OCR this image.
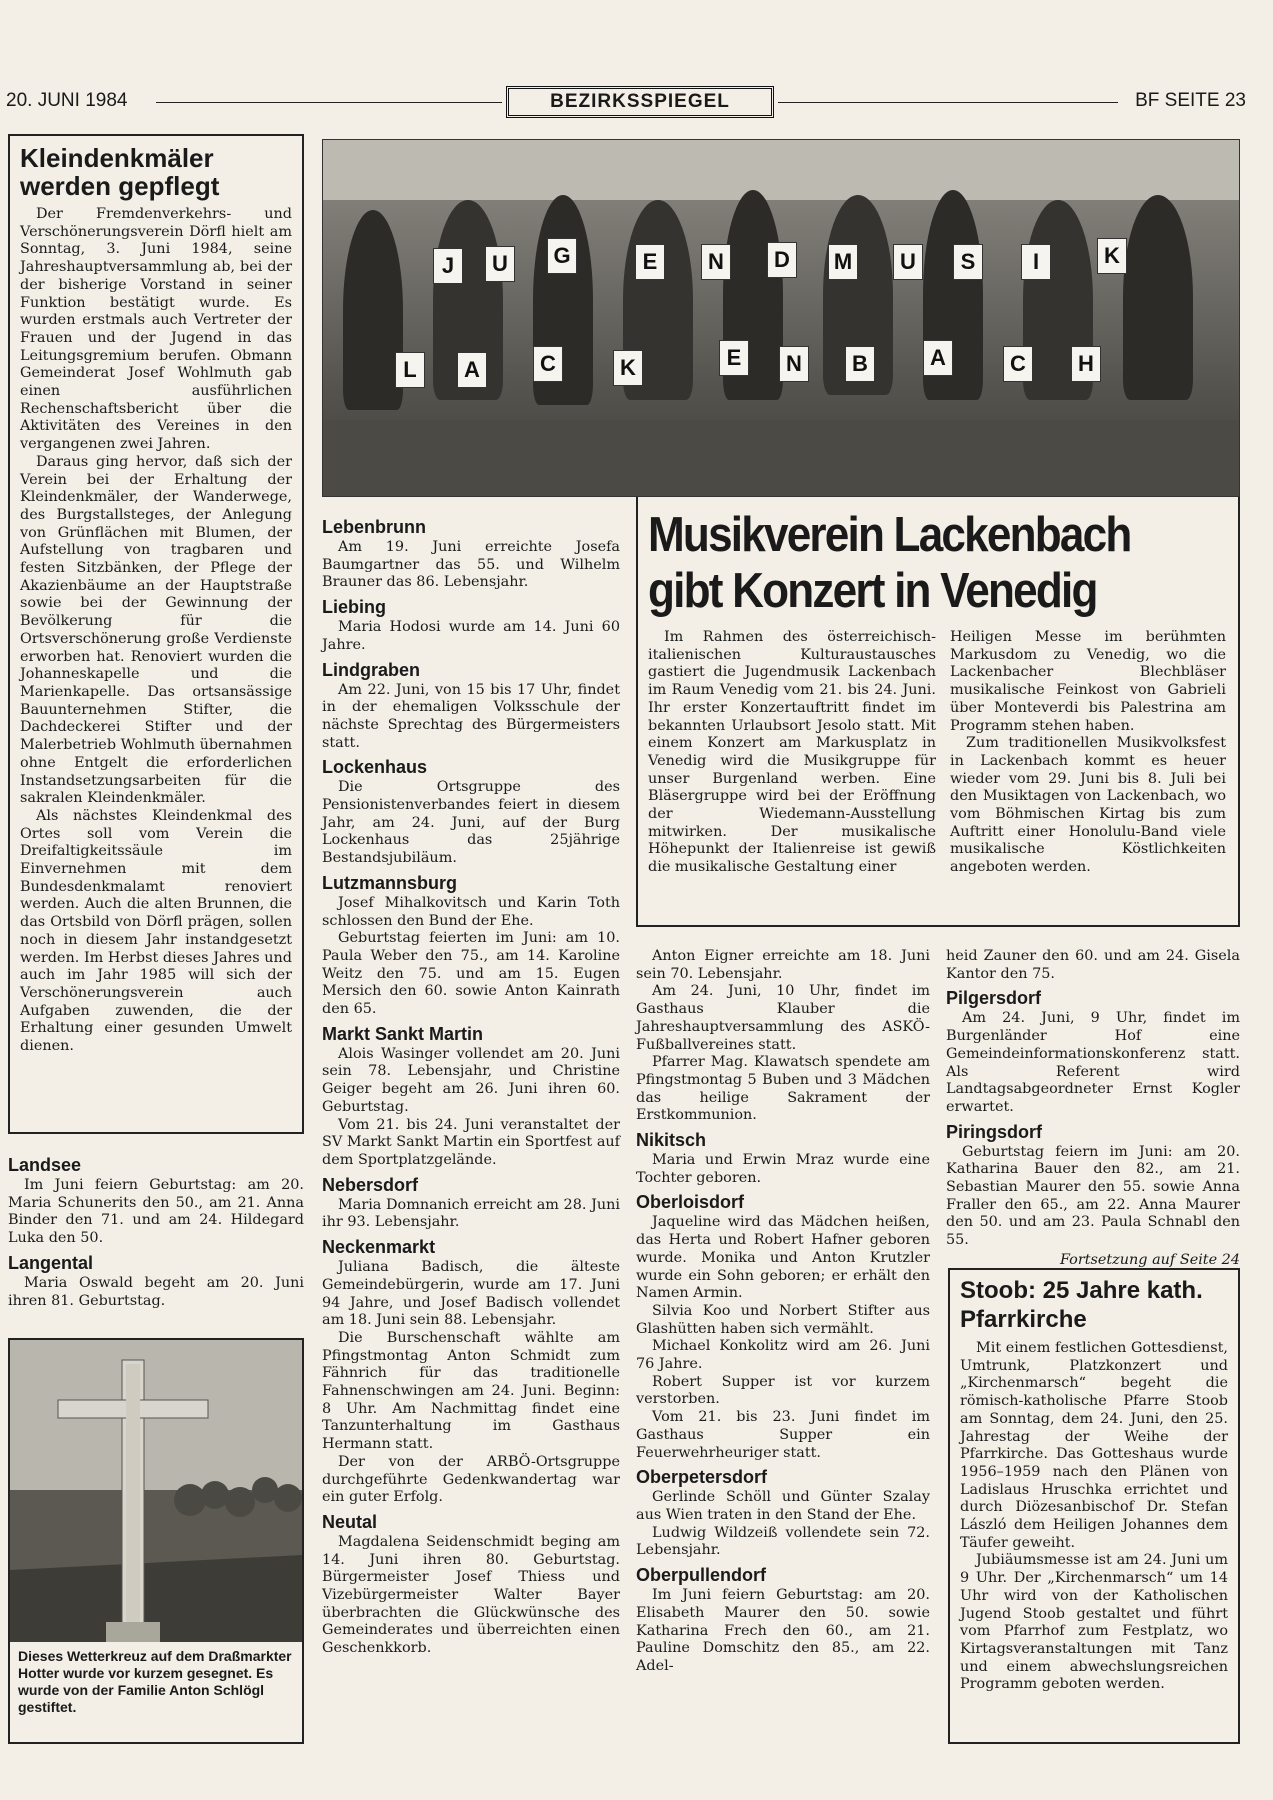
20. JUNI 1984	BEZIRKSSPIEGEL	BF SEITE 23
Kleindenkmäler werden gepflegt

Der Fremdenverkehrs- und Verschönerungsverein Dörfl hielt am Sonntag, 3. Juni 1984, seine Jahreshauptversammlung ab, bei der der bisherige Vorstand in seiner Funktion bestätigt wurde. Es wurden erstmals auch Vertreter der Frauen und der Jugend in das Leitungsgremium berufen. Obmann Gemeinderat Josef Wohlmuth gab einen ausführlichen Rechenschaftsbericht über die Aktivitäten des Vereines in den vergangenen zwei Jahren.

Daraus ging hervor, daß sich der Verein bei der Erhaltung der Kleindenkmäler, der Wanderwege, des Burgstallsteges, der Anlegung von Grünflächen mit Blumen, der Aufstellung von tragbaren und festen Sitzbänken, der Pflege der Akazienbäume an der Hauptstraße sowie bei der Gewinnung der Bevölkerung für die Ortsverschönerung große Verdienste erworben hat. Renoviert wurden die Johanneskapelle und die Marienkapelle. Das ortsansässige Bauunternehmen Stifter, die Dachdeckerei Stifter und der Malerbetrieb Wohlmuth übernahmen ohne Entgelt die erforderlichen Instandsetzungsarbeiten für die sakralen Kleindenkmäler.

Als nächstes Kleindenkmal des Ortes soll vom Verein die Dreifaltigkeitssäule im Einvernehmen mit dem Bundesdenkmalamt renoviert werden. Auch die alten Brunnen, die das Ortsbild von Dörfl prägen, sollen noch in diesem Jahr instandgesetzt werden. Im Herbst dieses Jahres und auch im Jahr 1985 will sich der Verschönerungsverein auch Aufgaben zuwenden, die der Erhaltung einer gesunden Umwelt dienen.

Landsee

Im Juni feiern Geburtstag: am 20. Maria Schunerits den 50., am 21. Anna Binder den 71. und am 24. Hildegard Luka den 50.

Langental

Maria Oswald begeht am 20. Juni ihren 81. Geburtstag.

Dieses Wetterkreuz auf dem Draßmarkter Hotter wurde vor kurzem gesegnet. Es wurde von der Familie Anton Schlögl gestiftet.
J	U	G	E	N	D	M	U	S	I	K
L	A	C	K	E	N	B	A	C	H
Lebenbrunn

Am 19. Juni erreichte Josefa Baumgartner das 55. und Wilhelm Brauner das 86. Lebensjahr.

Liebing

Maria Hodosi wurde am 14. Juni 60 Jahre.

Lindgraben

Am 22. Juni, von 15 bis 17 Uhr, findet in der ehemaligen Volksschule der nächste Sprechtag des Bürgermeisters statt.

Lockenhaus

Die Ortsgruppe des Pensionistenverbandes feiert in diesem Jahr, am 24. Juni, auf der Burg Lockenhaus das 25jährige Bestandsjubiläum.

Lutzmannsburg

Josef Mihalkovitsch und Karin Toth schlossen den Bund der Ehe.

Geburtstag feierten im Juni: am 10. Paula Weber den 75., am 14. Karoline Weitz den 75. und am 15. Eugen Mersich den 60. sowie Anton Kainrath den 65.

Markt Sankt Martin

Alois Wasinger vollendet am 20. Juni sein 78. Lebensjahr, und Christine Geiger begeht am 26. Juni ihren 60. Geburtstag.

Vom 21. bis 24. Juni veranstaltet der SV Markt Sankt Martin ein Sportfest auf dem Sportplatzgelände.

Nebersdorf

Maria Domnanich erreicht am 28. Juni ihr 93. Lebensjahr.

Neckenmarkt

Juliana Badisch, die älteste Gemeindebürgerin, wurde am 17. Juni 94 Jahre, und Josef Badisch vollendet am 18. Juni sein 88. Lebensjahr.

Die Burschenschaft wählte am Pfingstmontag Anton Schmidt zum Fähnrich für das traditionelle Fahnenschwingen am 24. Juni. Beginn: 8 Uhr. Am Nachmittag findet eine Tanzunterhaltung im Gasthaus Hermann statt.

Der von der ARBÖ-Ortsgruppe durchgeführte Gedenkwandertag war ein guter Erfolg.

Neutal

Magdalena Seidenschmidt beging am 14. Juni ihren 80. Geburtstag. Bürgermeister Josef Thiess und Vizebürgermeister Walter Bayer überbrachten die Glückwünsche des Gemeinderates und überreichten einen Geschenkkorb.

Musikverein Lackenbach
gibt Konzert in Venedig

Im Rahmen des österreichisch-italienischen Kulturaustausches gastiert die Jugendmusik Lackenbach im Raum Venedig vom 21. bis 24. Juni. Ihr erster Konzertauftritt findet im bekannten Urlaubsort Jesolo statt. Mit einem Konzert am Markusplatz in Venedig wird die Musikgruppe für unser Burgenland werben. Eine Bläsergruppe wird bei der Eröffnung der Wiedemann-Ausstellung mitwirken. Der musikalische Höhepunkt der Italienreise ist gewiß die musikalische Gestaltung einer

Heiligen Messe im berühmten Markusdom zu Venedig, wo die Lackenbacher Blechbläser musikalische Feinkost von Gabrieli über Monteverdi bis Palestrina am Programm stehen haben.

Zum traditionellen Musikvolksfest in Lackenbach kommt es heuer wieder vom 29. Juni bis 8. Juli bei den Musiktagen von Lackenbach, wo vom Böhmischen Kirtag bis zum Auftritt einer Honolulu-Band viele musikalische Köstlichkeiten angeboten werden.

Anton Eigner erreichte am 18. Juni sein 70. Lebensjahr.

Am 24. Juni, 10 Uhr, findet im Gasthaus Klauber die Jahreshauptversammlung des ASKÖ-Fußballvereines statt.

Pfarrer Mag. Klawatsch spendete am Pfingstmontag 5 Buben und 3 Mädchen das heilige Sakrament der Erstkommunion.

Nikitsch

Maria und Erwin Mraz wurde eine Tochter geboren.

Oberloisdorf

Jaqueline wird das Mädchen heißen, das Herta und Robert Hafner geboren wurde. Monika und Anton Krutzler wurde ein Sohn geboren; er erhält den Namen Armin.

Silvia Koo und Norbert Stifter aus Glashütten haben sich vermählt.

Michael Konkolitz wird am 26. Juni 76 Jahre.

Robert Supper ist vor kurzem verstorben.

Vom 21. bis 23. Juni findet im Gasthaus Supper ein Feuerwehrheuriger statt.

Oberpetersdorf

Gerlinde Schöll und Günter Szalay aus Wien traten in den Stand der Ehe.

Ludwig Wildzeiß vollendete sein 72. Lebensjahr.

Oberpullendorf

Im Juni feiern Geburtstag: am 20. Elisabeth Maurer den 50. sowie Katharina Frech den 60., am 21. Pauline Domschitz den 85., am 22. Adel-

heid Zauner den 60. und am 24. Gisela Kantor den 75.

Pilgersdorf

Am 24. Juni, 9 Uhr, findet im Burgenländer Hof eine Gemeindeinformationskonferenz statt. Als Referent wird Landtagsabgeordneter Ernst Kogler erwartet.

Piringsdorf

Geburtstag feiern im Juni: am 20. Katharina Bauer den 82., am 21. Sebastian Maurer den 55. sowie Anna Fraller den 65., am 22. Anna Maurer den 50. und am 23. Paula Schnabl den 55.

Fortsetzung auf Seite 24
Stoob: 25 Jahre kath. Pfarrkirche

Mit einem festlichen Gottesdienst, Umtrunk, Platzkonzert und „Kirchenmarsch“ begeht die römisch-katholische Pfarre Stoob am Sonntag, dem 24. Juni, den 25. Jahrestag der Weihe der Pfarrkirche. Das Gotteshaus wurde 1956–1959 nach den Plänen von Ladislaus Hruschka errichtet und durch Diözesanbischof Dr. Stefan László dem Heiligen Johannes dem Täufer geweiht.

Jubiäumsmesse ist am 24. Juni um 9 Uhr. Der „Kirchenmarsch“ um 14 Uhr wird von der Katholischen Jugend Stoob gestaltet und führt vom Pfarrhof zum Festplatz, wo Kirtagsveranstaltungen mit Tanz und einem abwechslungsreichen Programm geboten werden.
